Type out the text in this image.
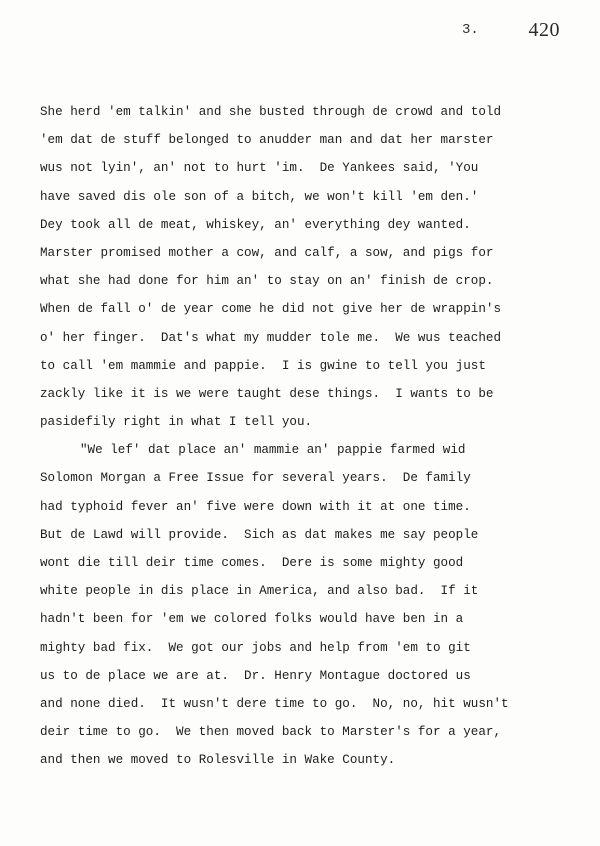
3. 420
She herd 'em talkin' and she busted through de crowd and told
'em dat de stuff belonged to anudder man and dat her marster
wus not lyin', an' not to hurt 'im.  De Yankees said, 'You
have saved dis ole son of a bitch, we won't kill 'em den.'
Dey took all de meat, whiskey, an' everything dey wanted.
Marster promised mother a cow, and calf, a sow, and pigs for
what she had done for him an' to stay on an' finish de crop.
When de fall o' de year come he did not give her de wrappin's
o' her finger.  Dat's what my mudder tole me.  We wus teached
to call 'em mammie and pappie.  I is gwine to tell you just
zackly like it is we were taught dese things.  I wants to be
pasidefily right in what I tell you.
"We lef' dat place an' mammie an' pappie farmed wid
Solomon Morgan a Free Issue for several years.  De family
had typhoid fever an' five were down with it at one time.
But de Lawd will provide.  Sich as dat makes me say people
wont die till deir time comes.  Dere is some mighty good
white people in dis place in America, and also bad.  If it
hadn't been for 'em we colored folks would have ben in a
mighty bad fix.  We got our jobs and help from 'em to git
us to de place we are at.  Dr. Henry Montague doctored us
and none died.  It wusn't dere time to go.  No, no, hit wusn't
deir time to go.  We then moved back to Marster's for a year,
and then we moved to Rolesville in Wake County.
